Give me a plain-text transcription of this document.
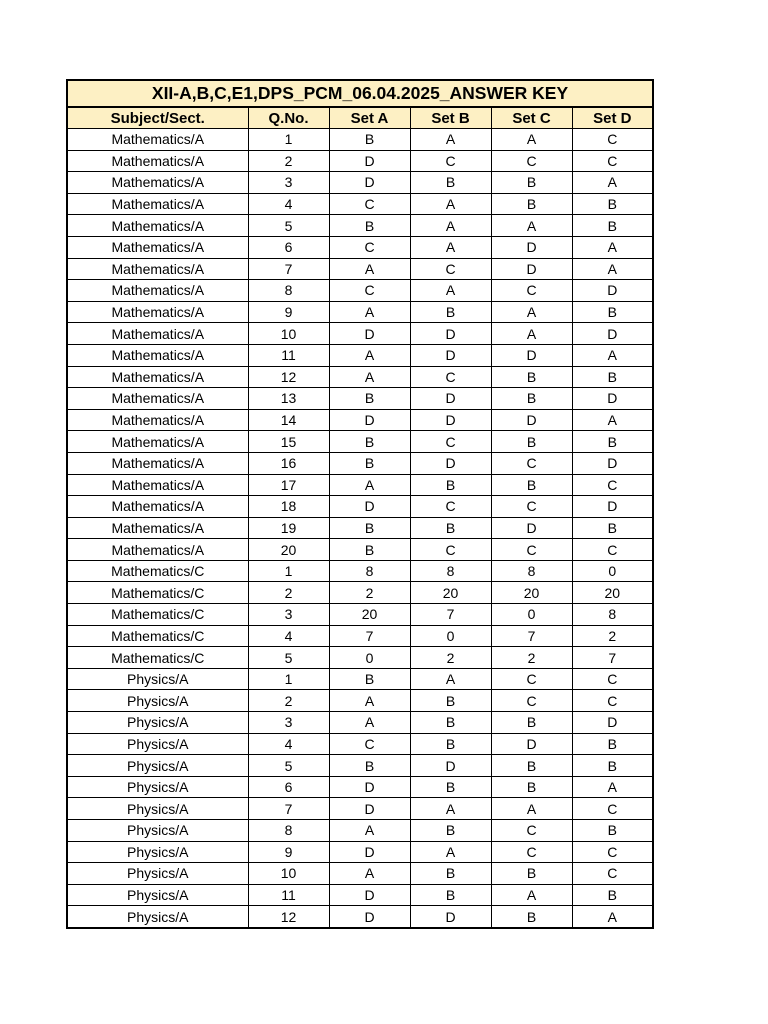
XII-A,B,C,E1,DPS_PCM_06.04.2025_ANSWER KEY					
Subject/Sect.	Q.No.	Set A	Set B	Set C	Set D
Mathematics/A	1	B	A	A	C
Mathematics/A	2	D	C	C	C
Mathematics/A	3	D	B	B	A
Mathematics/A	4	C	A	B	B
Mathematics/A	5	B	A	A	B
Mathematics/A	6	C	A	D	A
Mathematics/A	7	A	C	D	A
Mathematics/A	8	C	A	C	D
Mathematics/A	9	A	B	A	B
Mathematics/A	10	D	D	A	D
Mathematics/A	11	A	D	D	A
Mathematics/A	12	A	C	B	B
Mathematics/A	13	B	D	B	D
Mathematics/A	14	D	D	D	A
Mathematics/A	15	B	C	B	B
Mathematics/A	16	B	D	C	D
Mathematics/A	17	A	B	B	C
Mathematics/A	18	D	C	C	D
Mathematics/A	19	B	B	D	B
Mathematics/A	20	B	C	C	C
Mathematics/C	1	8	8	8	0
Mathematics/C	2	2	20	20	20
Mathematics/C	3	20	7	0	8
Mathematics/C	4	7	0	7	2
Mathematics/C	5	0	2	2	7
Physics/A	1	B	A	C	C
Physics/A	2	A	B	C	C
Physics/A	3	A	B	B	D
Physics/A	4	C	B	D	B
Physics/A	5	B	D	B	B
Physics/A	6	D	B	B	A
Physics/A	7	D	A	A	C
Physics/A	8	A	B	C	B
Physics/A	9	D	A	C	C
Physics/A	10	A	B	B	C
Physics/A	11	D	B	A	B
Physics/A	12	D	D	B	A
